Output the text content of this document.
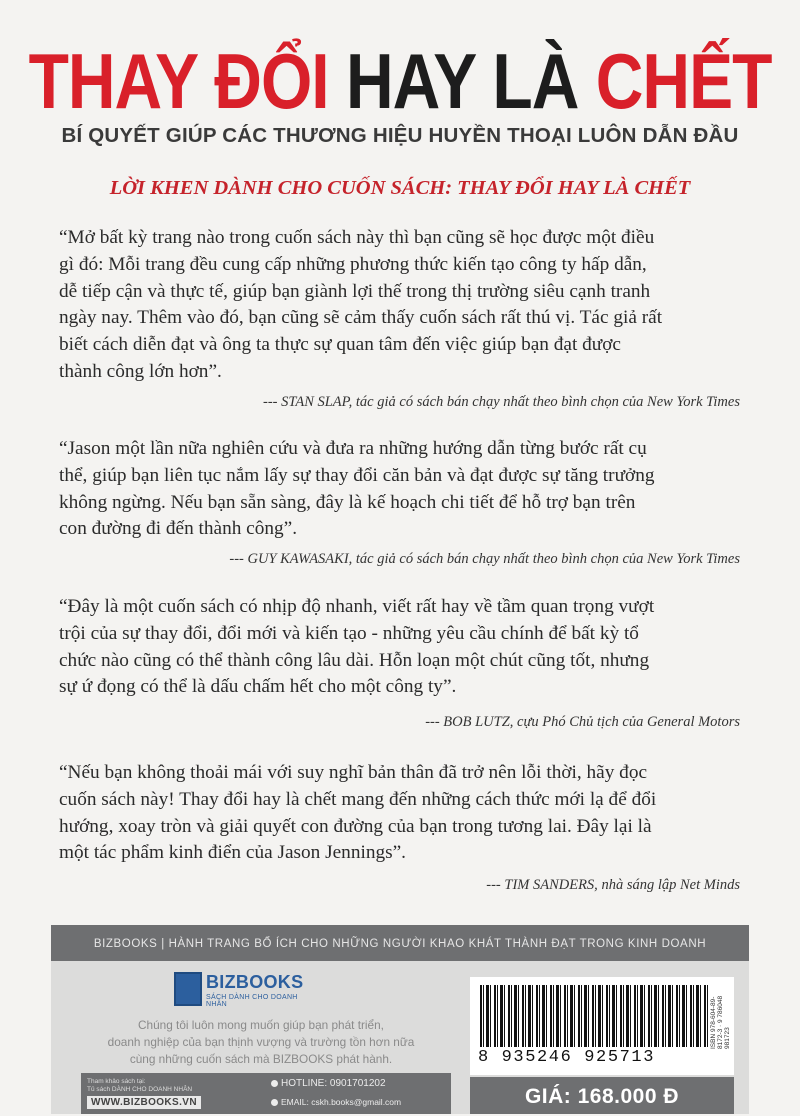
THAY ĐỔI HAY LÀ CHẾT
BÍ QUYẾT GIÚP CÁC THƯƠNG HIỆU HUYỀN THOẠI LUÔN DẪN ĐẦU
LỜI KHEN DÀNH CHO CUỐN SÁCH: THAY ĐỔI HAY LÀ CHẾT
“Mở bất kỳ trang nào trong cuốn sách này thì bạn cũng sẽ học được một điều
gì đó: Mỗi trang đều cung cấp những phương thức kiến tạo công ty hấp dẫn,
dễ tiếp cận và thực tế, giúp bạn giành lợi thế trong thị trường siêu cạnh tranh
ngày nay. Thêm vào đó, bạn cũng sẽ cảm thấy cuốn sách rất thú vị. Tác giả rất
biết cách diễn đạt và ông ta thực sự quan tâm đến việc giúp bạn đạt được
thành công lớn hơn”.
--- STAN SLAP, tác giả có sách bán chạy nhất theo bình chọn của New York Times
“Jason một lần nữa nghiên cứu và đưa ra những hướng dẫn từng bước rất cụ
thể, giúp bạn liên tục nắm lấy sự thay đổi căn bản và đạt được sự tăng trưởng
không ngừng. Nếu bạn sẵn sàng, đây là kế hoạch chi tiết để hỗ trợ bạn trên
con đường đi đến thành công”.
--- GUY KAWASAKI, tác giả có sách bán chạy nhất theo bình chọn của New York Times
“Đây là một cuốn sách có nhịp độ nhanh, viết rất hay về tầm quan trọng vượt
trội của sự thay đổi, đổi mới và kiến tạo - những yêu cầu chính để bất kỳ tổ
chức nào cũng có thể thành công lâu dài. Hỗn loạn một chút cũng tốt, nhưng
sự ứ đọng có thể là dấu chấm hết cho một công ty”.
--- BOB LUTZ, cựu Phó Chủ tịch của General Motors
“Nếu bạn không thoải mái với suy nghĩ bản thân đã trở nên lỗi thời, hãy đọc
cuốn sách này! Thay đổi hay là chết mang đến những cách thức mới lạ để đổi
hướng, xoay tròn và giải quyết con đường của bạn trong tương lai. Đây lại là
một tác phẩm kinh điển của Jason Jennings”.
--- TIM SANDERS, nhà sáng lập Net Minds
BIZBOOKS | HÀNH TRANG BỔ ÍCH CHO NHỮNG NGƯỜI KHAO KHÁT THÀNH ĐẠT TRONG KINH DOANH
BIZBOOKS
SÁCH DÀNH CHO DOANH NHÂN
Chúng tôi luôn mong muốn giúp bạn phát triển,
doanh nghiệp của bạn thịnh vượng và trường tồn hơn nữa
cùng những cuốn sách mà BIZBOOKS phát hành.
Tham khảo sách tại:
Tủ sách DÀNH CHO DOANH NHÂN
WWW.BIZBOOKS.VN
HOTLINE: 0901701202
EMAIL: cskh.books@gmail.com
ISBN 978-604-89-8172-3 · 9 786048 981723
8 935246 925713
GIÁ: 168.000 Đ
